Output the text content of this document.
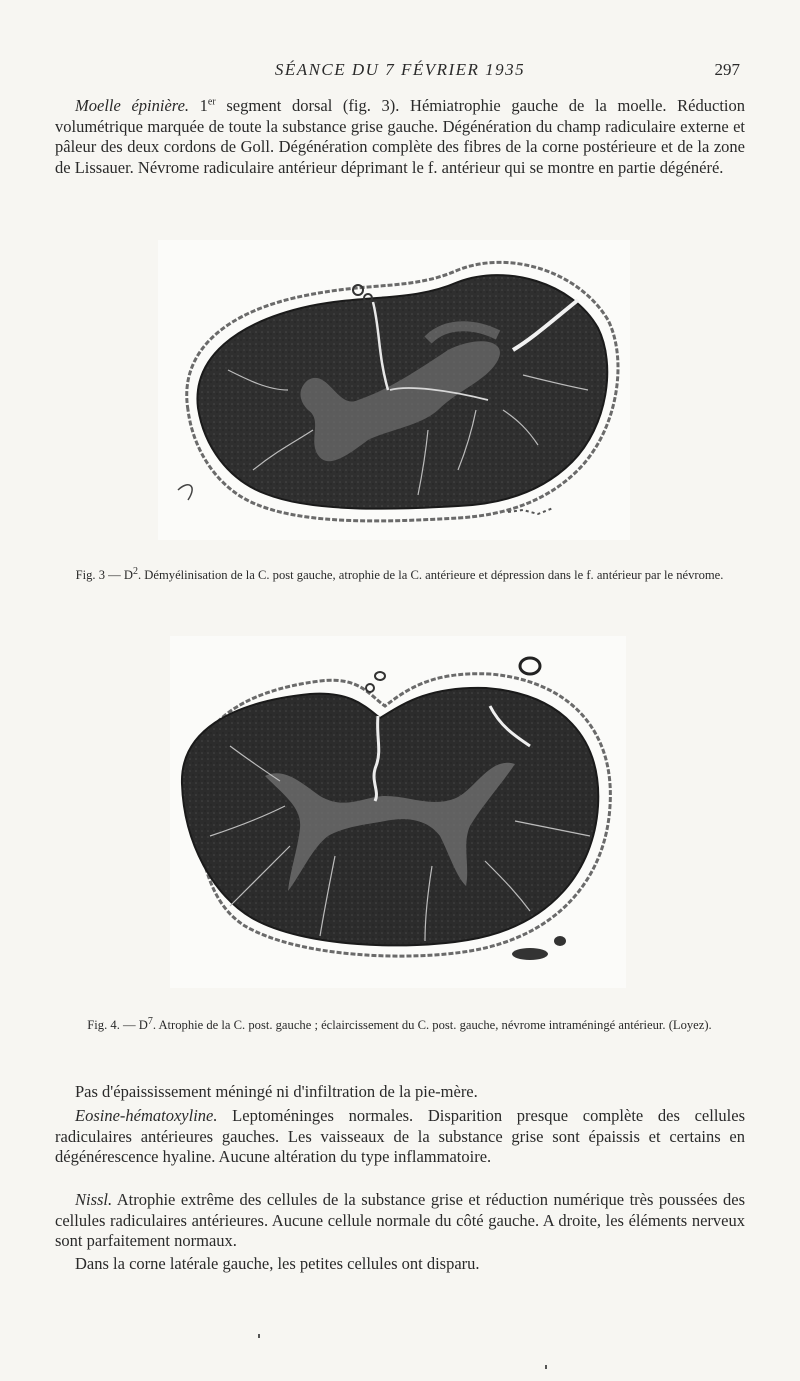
SÉANCE DU 7 FÉVRIER 1935	297
Moelle épinière. 1er segment dorsal (fig. 3). Hémiatrophie gauche de la moelle. Réduction volumétrique marquée de toute la substance grise gauche. Dégénération du champ radiculaire externe et pâleur des deux cordons de Goll. Dégénération complète des fibres de la corne postérieure et de la zone de Lissauer. Névrome radiculaire antérieur déprimant le f. antérieur qui se montre en partie dégénéré.
Fig. 3 — $D^2$. Démyélinisation de la C. post gauche, atrophie de la C. antérieure et dépression dans le f. antérieur par le névrome.
Fig. 4. — $D^7$. Atrophie de la C. post. gauche ; éclaircissement du C. post. gauche, névrome intraméningé antérieur. (Loyez).
Pas d'épaississement méningé ni d'infiltration de la pie-mère.
Eosine-hématoxyline. Leptoméninges normales. Disparition presque complète des cellules radiculaires antérieures gauches. Les vaisseaux de la substance grise sont épaissis et certains en dégénérescence hyaline. Aucune altération du type inflammatoire.
Nissl. Atrophie extrême des cellules de la substance grise et réduction numérique très poussées des cellules radiculaires antérieures. Aucune cellule normale du côté gauche. A droite, les éléments nerveux sont parfaitement normaux.
Dans la corne latérale gauche, les petites cellules ont disparu.
